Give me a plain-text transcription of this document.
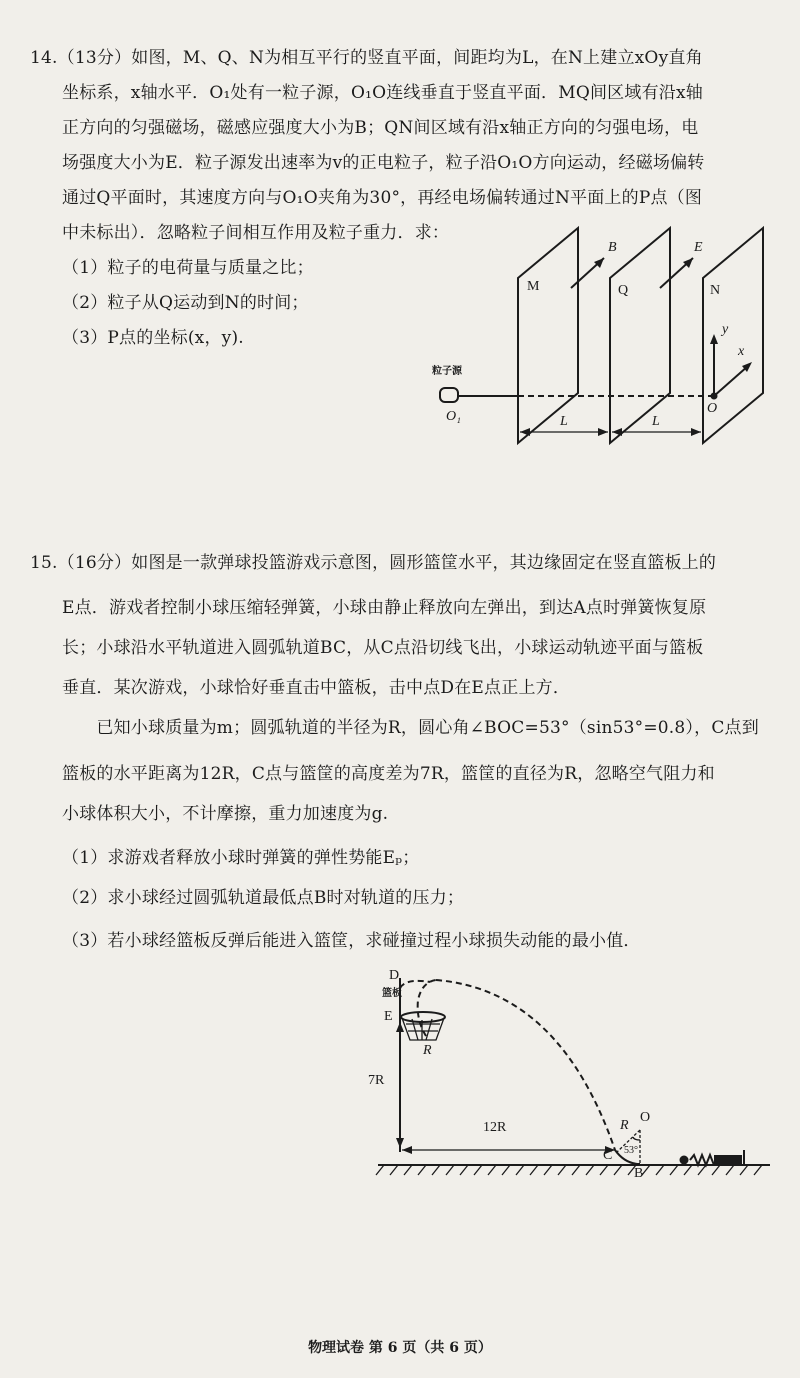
14.（13分）如图，M、Q、N为相互平行的竖直平面，间距均为L，在N上建立xOy直角
坐标系，x轴水平．O₁处有一粒子源，O₁O连线垂直于竖直平面．MQ间区域有沿x轴
正方向的匀强磁场，磁感应强度大小为B；QN间区域有沿x轴正方向的匀强电场，电
场强度大小为E．粒子源发出速率为v的正电粒子，粒子沿O₁O方向运动，经磁场偏转
通过Q平面时，其速度方向与O₁O夹角为30°，再经电场偏转通过N平面上的P点（图
中未标出）．忽略粒子间相互作用及粒子重力．求：
（1）粒子的电荷量与质量之比；
（2）粒子从Q运动到N的时间；
（3）P点的坐标(x，y).
M	Q	N
B	E
y
x
O
粒子源
O₁	L	L
15.（16分）如图是一款弹球投篮游戏示意图，圆形篮筐水平，其边缘固定在竖直篮板上的
E点．游戏者控制小球压缩轻弹簧，小球由静止释放向左弹出，到达A点时弹簧恢复原
长；小球沿水平轨道进入圆弧轨道BC，从C点沿切线飞出，小球运动轨迹平面与篮板
垂直．某次游戏，小球恰好垂直击中篮板，击中点D在E点正上方．
　　已知小球质量为m；圆弧轨道的半径为R，圆心角∠BOC=53°（sin53°=0.8），C点到
篮板的水平距离为12R，C点与篮筐的高度差为7R，篮筐的直径为R，忽略空气阻力和
小球体积大小，不计摩擦，重力加速度为g.
（1）求游戏者释放小球时弹簧的弹性势能Eₚ；
（2）求小球经过圆弧轨道最低点B时对轨道的压力；
（3）若小球经篮板反弹后能进入篮筐，求碰撞过程小球损失动能的最小值．
D
篮板
E
R
7R
12R	R
O
53°
C
B
物理试卷 第 6 页（共 6 页）
